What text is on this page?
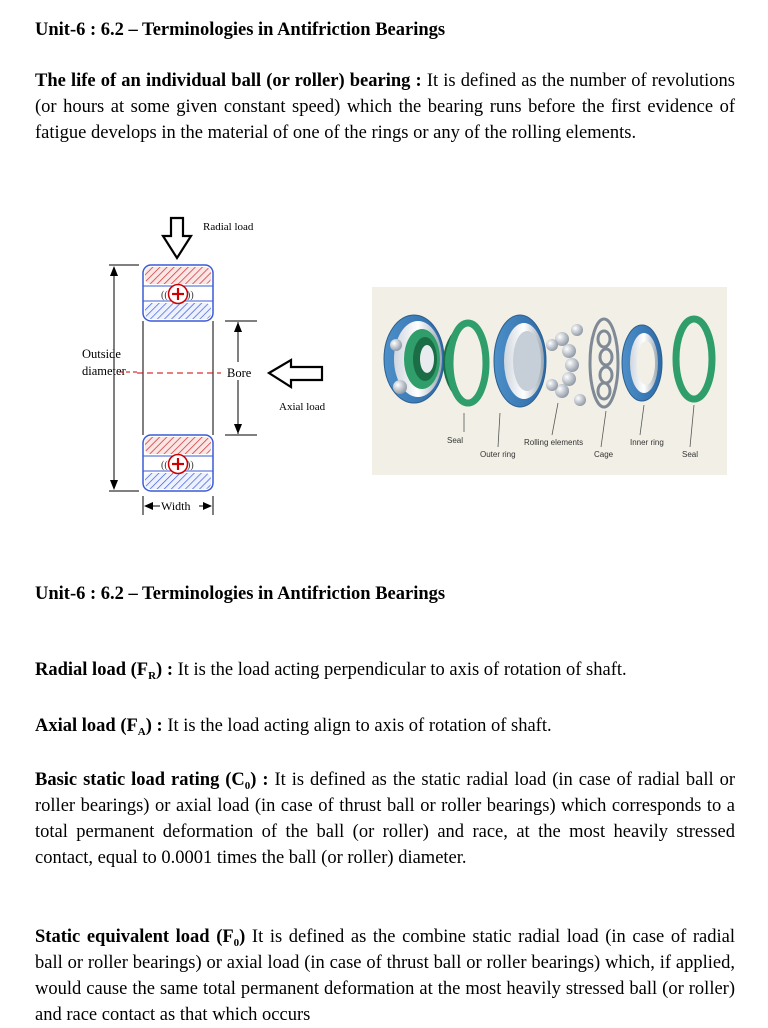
Unit-6 : 6.2 – Terminologies in Antifriction Bearings
The life of an individual ball (or roller) bearing : It is defined as the number of revolutions (or hours at some given constant speed) which the bearing runs before the first evidence of fatigue develops in the material of one of the rings or any of the rolling elements.
Radial load
(( ))
(( ))
Outside
diameter	Bore
Axial load
Width
Seal
Outer ring
Rolling elements
Cage
Inner ring
Seal
Unit-6 : 6.2 – Terminologies in Antifriction Bearings
Radial load $(F_R)$ : It is the load acting perpendicular to axis of rotation of shaft.
Axial load $(F_A)$ : It is the load acting align to axis of rotation of shaft.
Basic static load rating $(C_0)$ : It is defined as the static radial load (in case of radial ball or roller bearings) or axial load (in case of thrust ball or roller bearings) which corresponds to a total permanent deformation of the ball (or roller) and race, at the most heavily stressed contact, equal to 0.0001 times the ball (or roller) diameter.
Static equivalent load $(F_0)$ It is defined as the combine static radial load (in case of radial ball or roller bearings) or axial load (in case of thrust ball or roller bearings) which, if applied, would cause the same total permanent deformation at the most heavily stressed ball (or roller) and race contact as that which occurs
